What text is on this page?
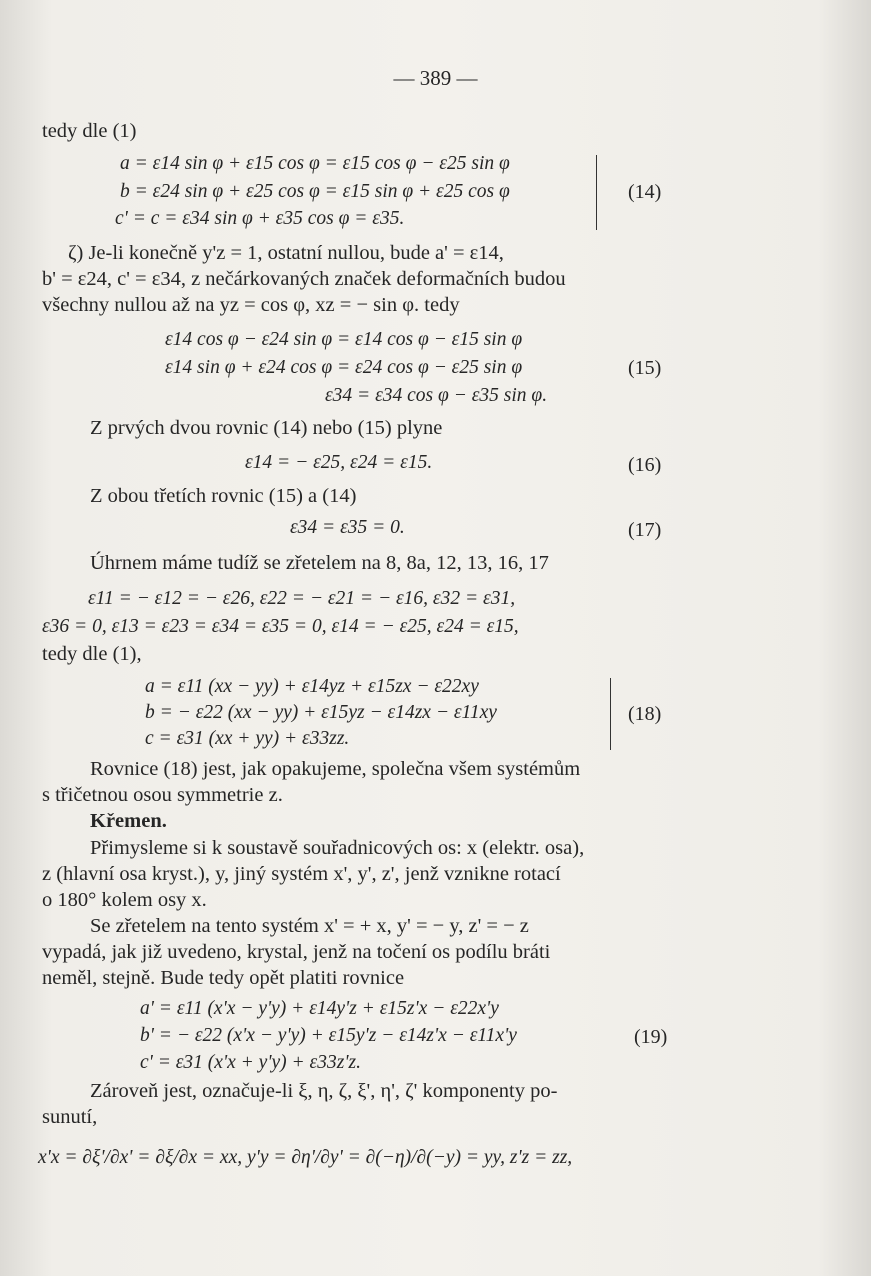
— 389 —
tedy dle (1)
a = ε14 sin φ + ε15 cos φ = ε15 cos φ − ε25 sin φ
b = ε24 sin φ + ε25 cos φ = ε15 sin φ + ε25 cos φ
c' = c = ε34 sin φ + ε35 cos φ = ε35.
(14)
ζ) Je-li konečně y'z = 1, ostatní nullou, bude a' = ε14,
b' = ε24, c' = ε34, z nečárkovaných značek deformačních budou
všechny nullou až na yz = cos φ, xz = − sin φ. tedy
ε14 cos φ − ε24 sin φ = ε14 cos φ − ε15 sin φ
ε14 sin φ + ε24 cos φ = ε24 cos φ − ε25 sin φ
ε34 = ε34 cos φ − ε35 sin φ.
(15)
Z prvých dvou rovnic (14) nebo (15) plyne
ε14 = − ε25, ε24 = ε15.	(16)
Z obou třetích rovnic (15) a (14)
ε34 = ε35 = 0.	(17)
Úhrnem máme tudíž se zřetelem na 8, 8a, 12, 13, 16, 17
ε11 = − ε12 = − ε26, ε22 = − ε21 = − ε16, ε32 = ε31,
ε36 = 0, ε13 = ε23 = ε34 = ε35 = 0, ε14 = − ε25, ε24 = ε15,
tedy dle (1),
a = ε11 (xx − yy) + ε14yz + ε15zx − ε22xy
b = − ε22 (xx − yy) + ε15yz − ε14zx − ε11xy
c = ε31 (xx + yy) + ε33zz.
(18)
Rovnice (18) jest, jak opakujeme, společna všem systémům
s třičetnou osou symmetrie z.
Křemen.
Přimysleme si k soustavě souřadnicových os: x (elektr. osa),
z (hlavní osa kryst.), y, jiný systém x', y', z', jenž vznikne rotací
o 180° kolem osy x.
Se zřetelem na tento systém x' = + x, y' = − y, z' = − z
vypadá, jak již uvedeno, krystal, jenž na točení os podílu bráti
neměl, stejně. Bude tedy opět platiti rovnice
a' = ε11 (x'x − y'y) + ε14y'z + ε15z'x − ε22x'y
b' = − ε22 (x'x − y'y) + ε15y'z − ε14z'x − ε11x'y
c' = ε31 (x'x + y'y) + ε33z'z.
(19)
Zároveň jest, označuje-li ξ, η, ζ, ξ', η', ζ' komponenty po-
sunutí,
x'x = ∂ξ'/∂x' = ∂ξ/∂x = xx, y'y = ∂η'/∂y' = ∂(−η)/∂(−y) = yy, z'z = zz,
